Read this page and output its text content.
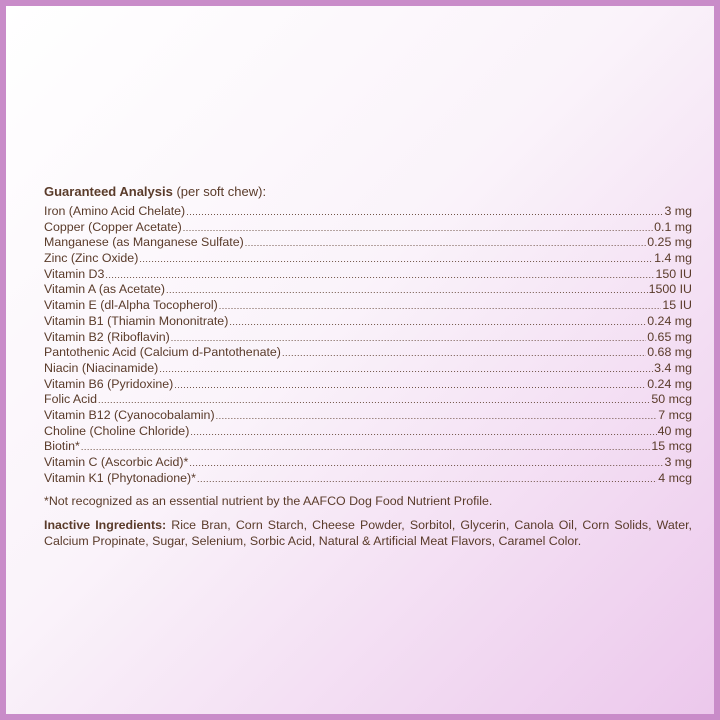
Guaranteed Analysis (per soft chew):
Iron (Amino Acid Chelate) .....	3 mg
Copper (Copper Acetate) .....	0.1 mg
Manganese (as Manganese Sulfate) .....	0.25 mg
Zinc (Zinc Oxide) .....	1.4 mg
Vitamin D3 .....	150 IU
Vitamin A (as Acetate) .....	1500 IU
Vitamin E (dl-Alpha Tocopherol) .....	15 IU
Vitamin B1 (Thiamin Mononitrate) .....	0.24 mg
Vitamin B2 (Riboflavin) .....	0.65 mg
Pantothenic Acid (Calcium d-Pantothenate) .....	0.68 mg
Niacin (Niacinamide) .....	3.4 mg
Vitamin B6 (Pyridoxine) .....	0.24 mg
Folic Acid .....	50 mcg
Vitamin B12 (Cyanocobalamin) .....	7 mcg
Choline (Choline Chloride) .....	40 mg
Biotin* .....	15 mcg
Vitamin C (Ascorbic Acid)* .....	3 mg
Vitamin K1 (Phytonadione)* .....	4 mcg
*Not recognized as an essential nutrient by the AAFCO Dog Food Nutrient Profile.
Inactive Ingredients: Rice Bran, Corn Starch, Cheese Powder, Sorbitol, Glycerin, Canola Oil, Corn Solids, Water, Calcium Propinate, Sugar, Selenium, Sorbic Acid, Natural & Artificial Meat Flavors, Caramel Color.
